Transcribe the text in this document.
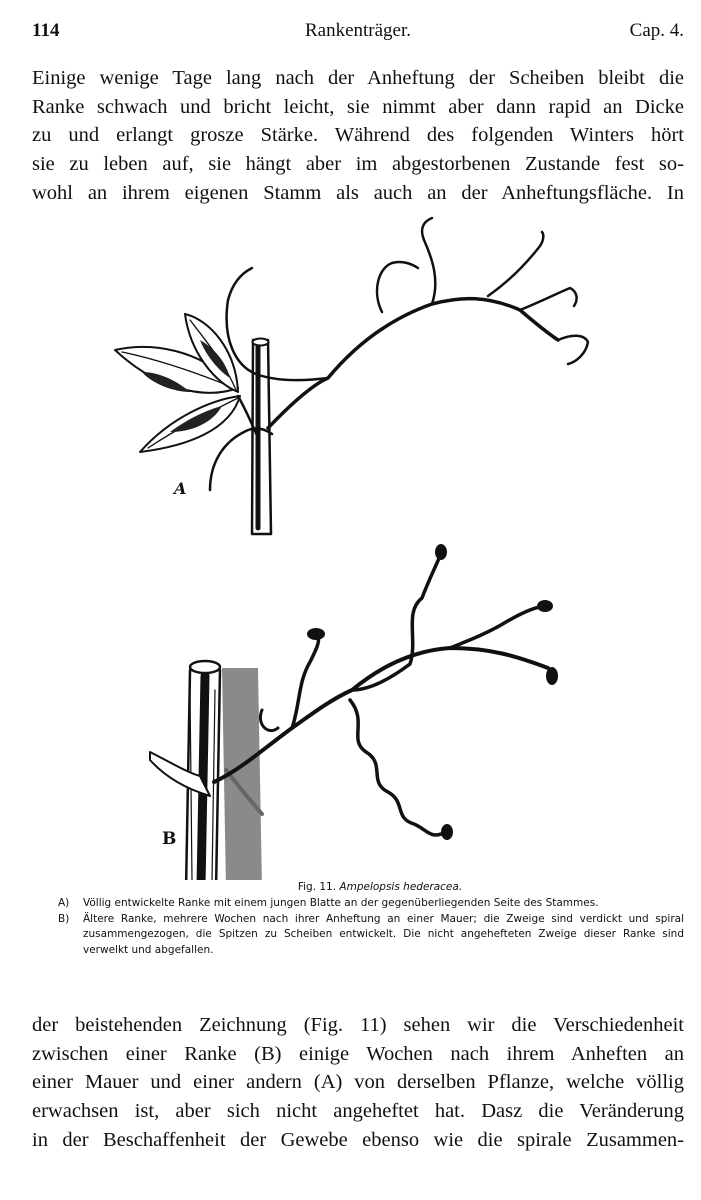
114	Rankenträger.	Cap. 4.
Einige wenige Tage lang nach der Anheftung der Scheiben bleibt die
Ranke schwach und bricht leicht, sie nimmt aber dann rapid an Dicke
zu und erlangt grosze Stärke. Während des folgenden Winters hört
sie zu leben auf, sie hängt aber im abgestorbenen Zustande fest so-
wohl an ihrem eigenen Stamm als auch an der Anheftungsfläche. In
A
B
Fig. 11. Ampelopsis hederacea.
A) Völlig entwickelte Ranke mit einem jungen Blatte an der gegenüberliegenden Seite des Stammes.
B) Ältere Ranke, mehrere Wochen nach ihrer Anheftung an einer Mauer; die Zweige sind verdickt und spiral zusammengezogen, die Spitzen zu Scheiben entwickelt. Die nicht angehefteten Zweige dieser Ranke sind verwelkt und abgefallen.
der beistehenden Zeichnung (Fig. 11) sehen wir die Verschiedenheit
zwischen einer Ranke (B) einige Wochen nach ihrem Anheften an
einer Mauer und einer andern (A) von derselben Pflanze, welche völlig
erwachsen ist, aber sich nicht angeheftet hat. Dasz die Veränderung
in der Beschaffenheit der Gewebe ebenso wie die spirale Zusammen-
